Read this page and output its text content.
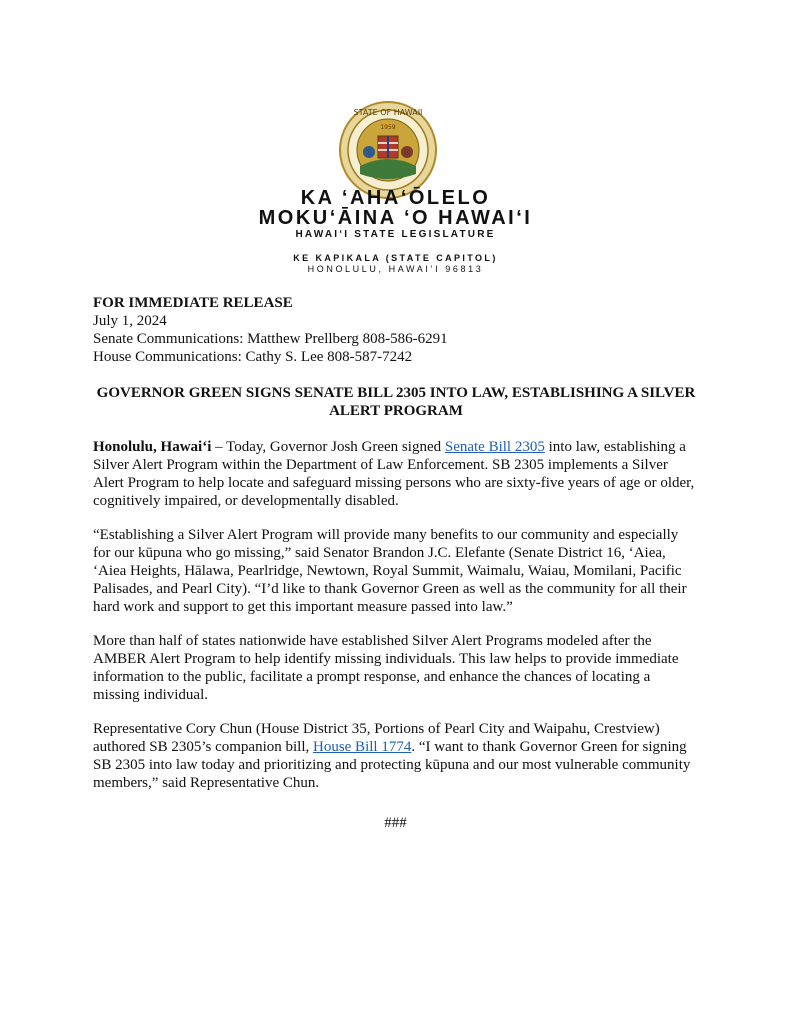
STATE OF HAWAII
1959
KA ‘AHA‘ŌLELO
MOKU‘ĀINA ‘O HAWAI‘I
HAWAI‘I STATE LEGISLATURE
KE KAPIKALA (STATE CAPITOL)
HONOLULU, HAWAI‘I 96813

FOR IMMEDIATE RELEASE

July 1, 2024

Senate Communications: Matthew Prellberg 808-586-6291

House Communications: Cathy S. Lee 808-587-7242

GOVERNOR GREEN SIGNS SENATE BILL 2305 INTO LAW, ESTABLISHING A SILVER ALERT PROGRAM

Honolulu, Hawai‘i – Today, Governor Josh Green signed Senate Bill 2305 into law, establishing a Silver Alert Program within the Department of Law Enforcement. SB 2305 implements a Silver Alert Program to help locate and safeguard missing persons who are sixty-five years of age or older, cognitively impaired, or developmentally disabled.

“Establishing a Silver Alert Program will provide many benefits to our community and especially for our kūpuna who go missing,” said Senator Brandon J.C. Elefante (Senate District 16, ‘Aiea, ‘Aiea Heights, Hālawa, Pearlridge, Newtown, Royal Summit, Waimalu, Waiau, Momilani, Pacific Palisades, and Pearl City). “I’d like to thank Governor Green as well as the community for all their hard work and support to get this important measure passed into law.”

More than half of states nationwide have established Silver Alert Programs modeled after the AMBER Alert Program to help identify missing individuals. This law helps to provide immediate information to the public, facilitate a prompt response, and enhance the chances of locating a missing individual.

Representative Cory Chun (House District 35, Portions of Pearl City and Waipahu, Crestview) authored SB 2305’s companion bill, House Bill 1774. “I want to thank Governor Green for signing SB 2305 into law today and prioritizing and protecting kūpuna and our most vulnerable community members,” said Representative Chun.

###
